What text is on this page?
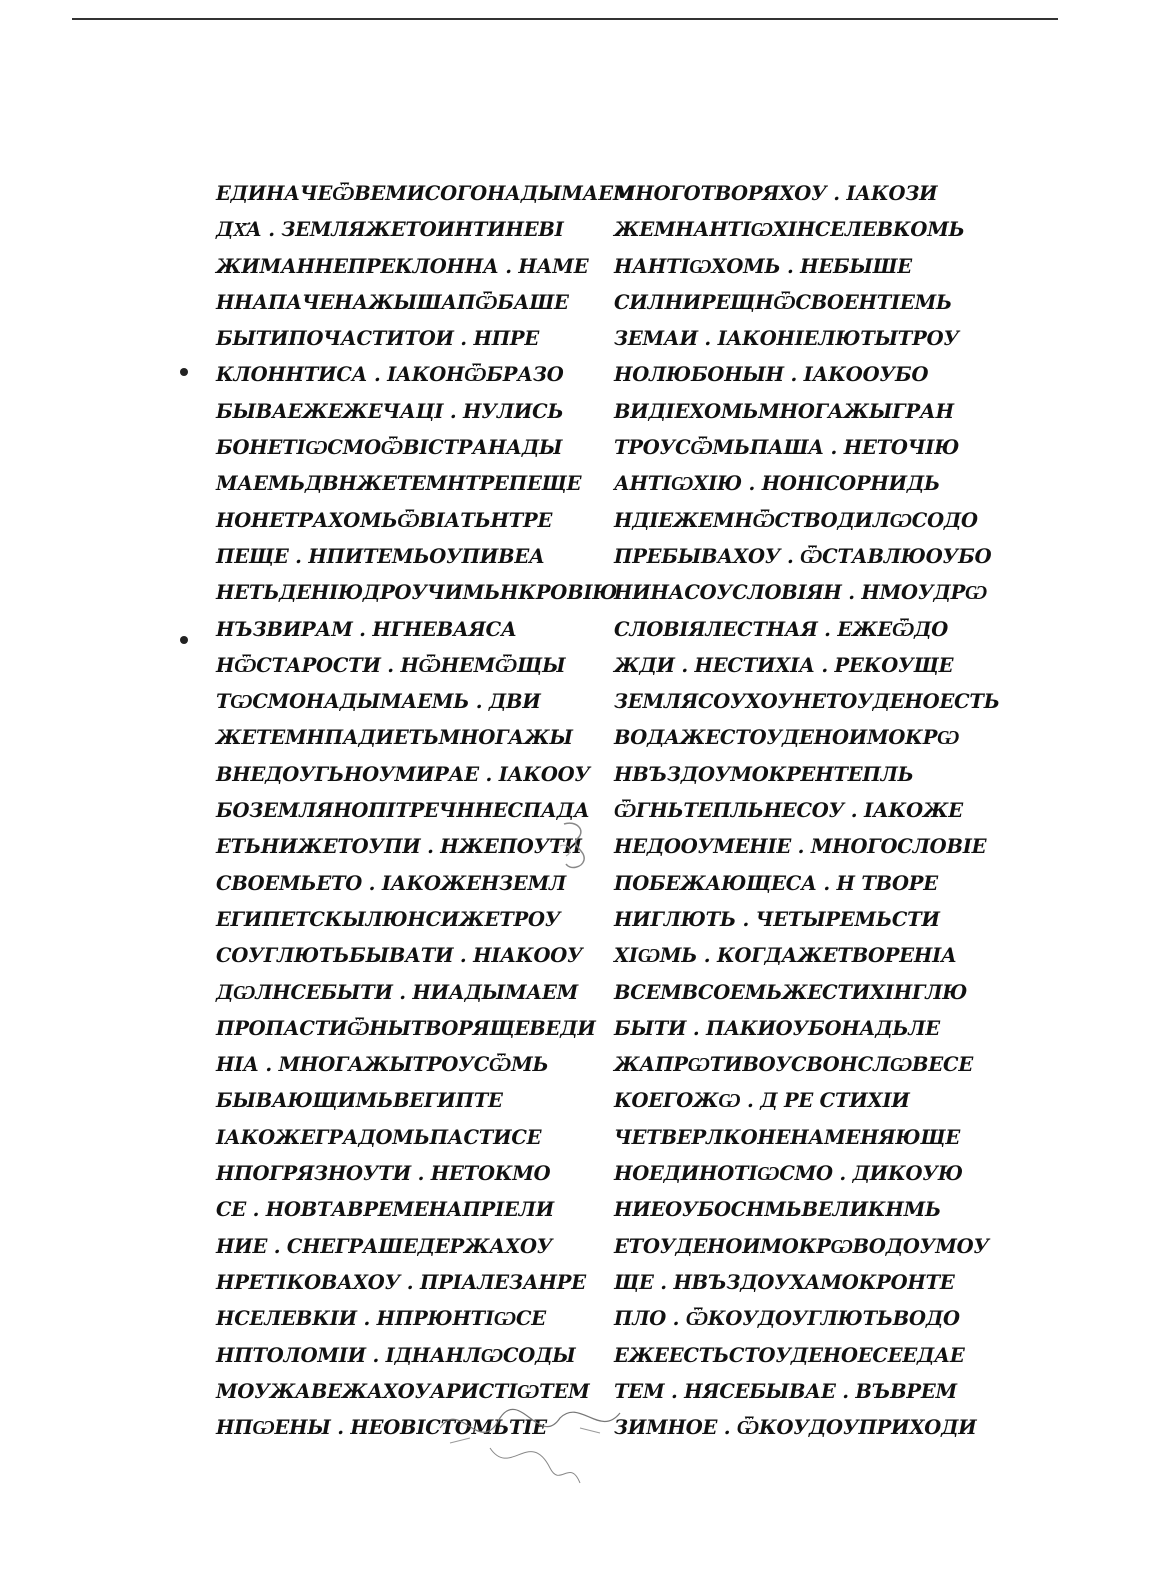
ЕДИНАЧЕѾВЕМИСОГОНАДЫМАЕМ
ДХ҃А . ЗЕМЛЯЖЕТОИНТИНЕВI
ЖИМАННЕПРЕКЛОННА . НАМЕ
ННАПАЧЕНАЖЫШАПѾБАШЕ
БЫТИПОЧАСТИТОИ . НПРЕ
КЛОННТИСА . ІАКОНѾБРАЗО
БЫВАЕЖЕЖЕЧАЦІ . НУЛИСЬ
БОНЕТІѠСМОѾВIСТРАНАДЫ
МАЕМЬДВНЖЕТЕМНТРЕПЕЩЕ
НОНЕТРАХОМЬѾВIАТЬНТРЕ
ПЕЩЕ . НПИТЕМЬОУПИВЕА
НЕТЬДЕНІЮДРОУЧИМЬНКРОВІЮ
НЪЗВИРАМ . НГНЕВАЯСА
НѾСТАРОСТИ . НѾНЕМѾЩЫ
ТѠСМОНАДЫМАЕМЬ . ДВИ
ЖЕТЕМНПАДИЕТЬМНОГАЖЫ
ВНЕДОУГЬНОУМИРАЕ . ІАКООУ
БОЗЕМЛЯНОПІТРЕЧННЕСПАДА
ЕТЬНИЖЕТОУПИ . НЖЕПОУТИ
СВОЕМЬЕТО . ІАКОЖЕНЗЕМЛ
ЕГИПЕТСКЫЛЮНСИЖЕТРОУ
СОУГЛЮТЬБЫВАТИ . НІАКООУ
ДѠЛНСЕБЫТИ . НИАДЫМАЕМ
ПРОПАСТИѾНЫТВОРЯЩЕВЕДИ
НІА . МНОГАЖЫТРОУСѾМЬ
БЫВАЮЩИМЬВЕГИПТЕ
ІАКОЖЕГРАДОМЬПАСТИСЕ
НПОГРЯЗНОУТИ . НЕТОКМО
СЕ . НОВТАВРЕМЕНАПРІЕЛИ
НИЕ . СНЕГРАШЕДЕРЖАХОУ
НРЕТІКОВАХОУ . ПРІАЛЕЗАНРЕ
НСЕЛЕВКІИ . НПРЮНТІѠСЕ
НПТОЛОМІИ . ІДНАНЛѠСОДЫ
МОУЖАВЕЖАХОУАРИСТІѠТЕМ
НПѠЕНЫ . НЕОВІСТОМЬТІЕ
МНОГОТВОРЯХОУ . ІАКОЗИ
ЖЕМНАНТІѠХІНСЕЛЕВКОМЬ
НАНТІѠХОМЬ . НЕБЫШЕ
СИЛНИРЕЩНѾСВОЕНТІЕМЬ
ЗЕМАИ . ІАКОНІЕЛЮТЫТРОУ
НОЛЮБОНЫН . ІАКООУБО
ВИДІЕХОМЬМНОГАЖЫГРАН
ТРОУСѾМЬПАША . НЕТОЧІЮ
АНТІѠХІЮ . НОНІСОРНИДЬ
НДІЕЖЕМНѾСТВОДИЛѠСОДО
ПРЕБЫВАХОУ . ѾСТАВЛЮОУБО
НИНАСОУСЛОВІЯН . НМОУДРѠ
СЛОВІЯЛЕСТНАЯ . ЕЖЕѾДО
ЖДИ . НЕСТИХІА . РЕКОУЩЕ
ЗЕМЛЯСОУХОУНЕТОУДЕНОЕСТЬ
ВОДАЖЕСТОУДЕНОИМОКРѠ
НВЪЗДОУМОКРЕНТЕПЛЬ
ѾГНЬТЕПЛЬНЕСОУ . ІАКОЖЕ
НЕДООУМЕНІЕ . МНОГОСЛОВІЕ
ПОБЕЖАЮЩЕСА . Н ТВОРЕ
НИГЛЮТЬ . ЧЕТЫРЕМЬСТИ
ХІѠМЬ . КОГДАЖЕТВОРЕНІА
ВСЕМВСОЕМЬЖЕСТИХІНГЛЮ
БЫТИ . ПАКИОУБОНАДЬЛЕ
ЖАПРѠТИВОУСВОНСЛѠВЕСЕ
КОЕГОЖѠ . Д РЕ СТИХІИ
ЧЕТВЕРЛКОНЕНАМЕНЯЮЩЕ
НОЕДИНОТІѠСМО . ДИКОУЮ
НИЕОУБОСНМЬВЕЛИКНМЬ
ЕТОУДЕНОИМОКРѠВОДОУМОУ
ЩЕ . НВЪЗДОУХАМОКРОНТЕ
ПЛО . ѾКОУДОУГЛЮТЬВОДО
ЕЖЕЕСТЬСТОУДЕНОЕСЕЕДАЕ
ТЕМ . НЯСЕБЫВАЕ . ВЪВРЕМ
ЗИМНОЕ . ѾКОУДОУПРИХОДИ
